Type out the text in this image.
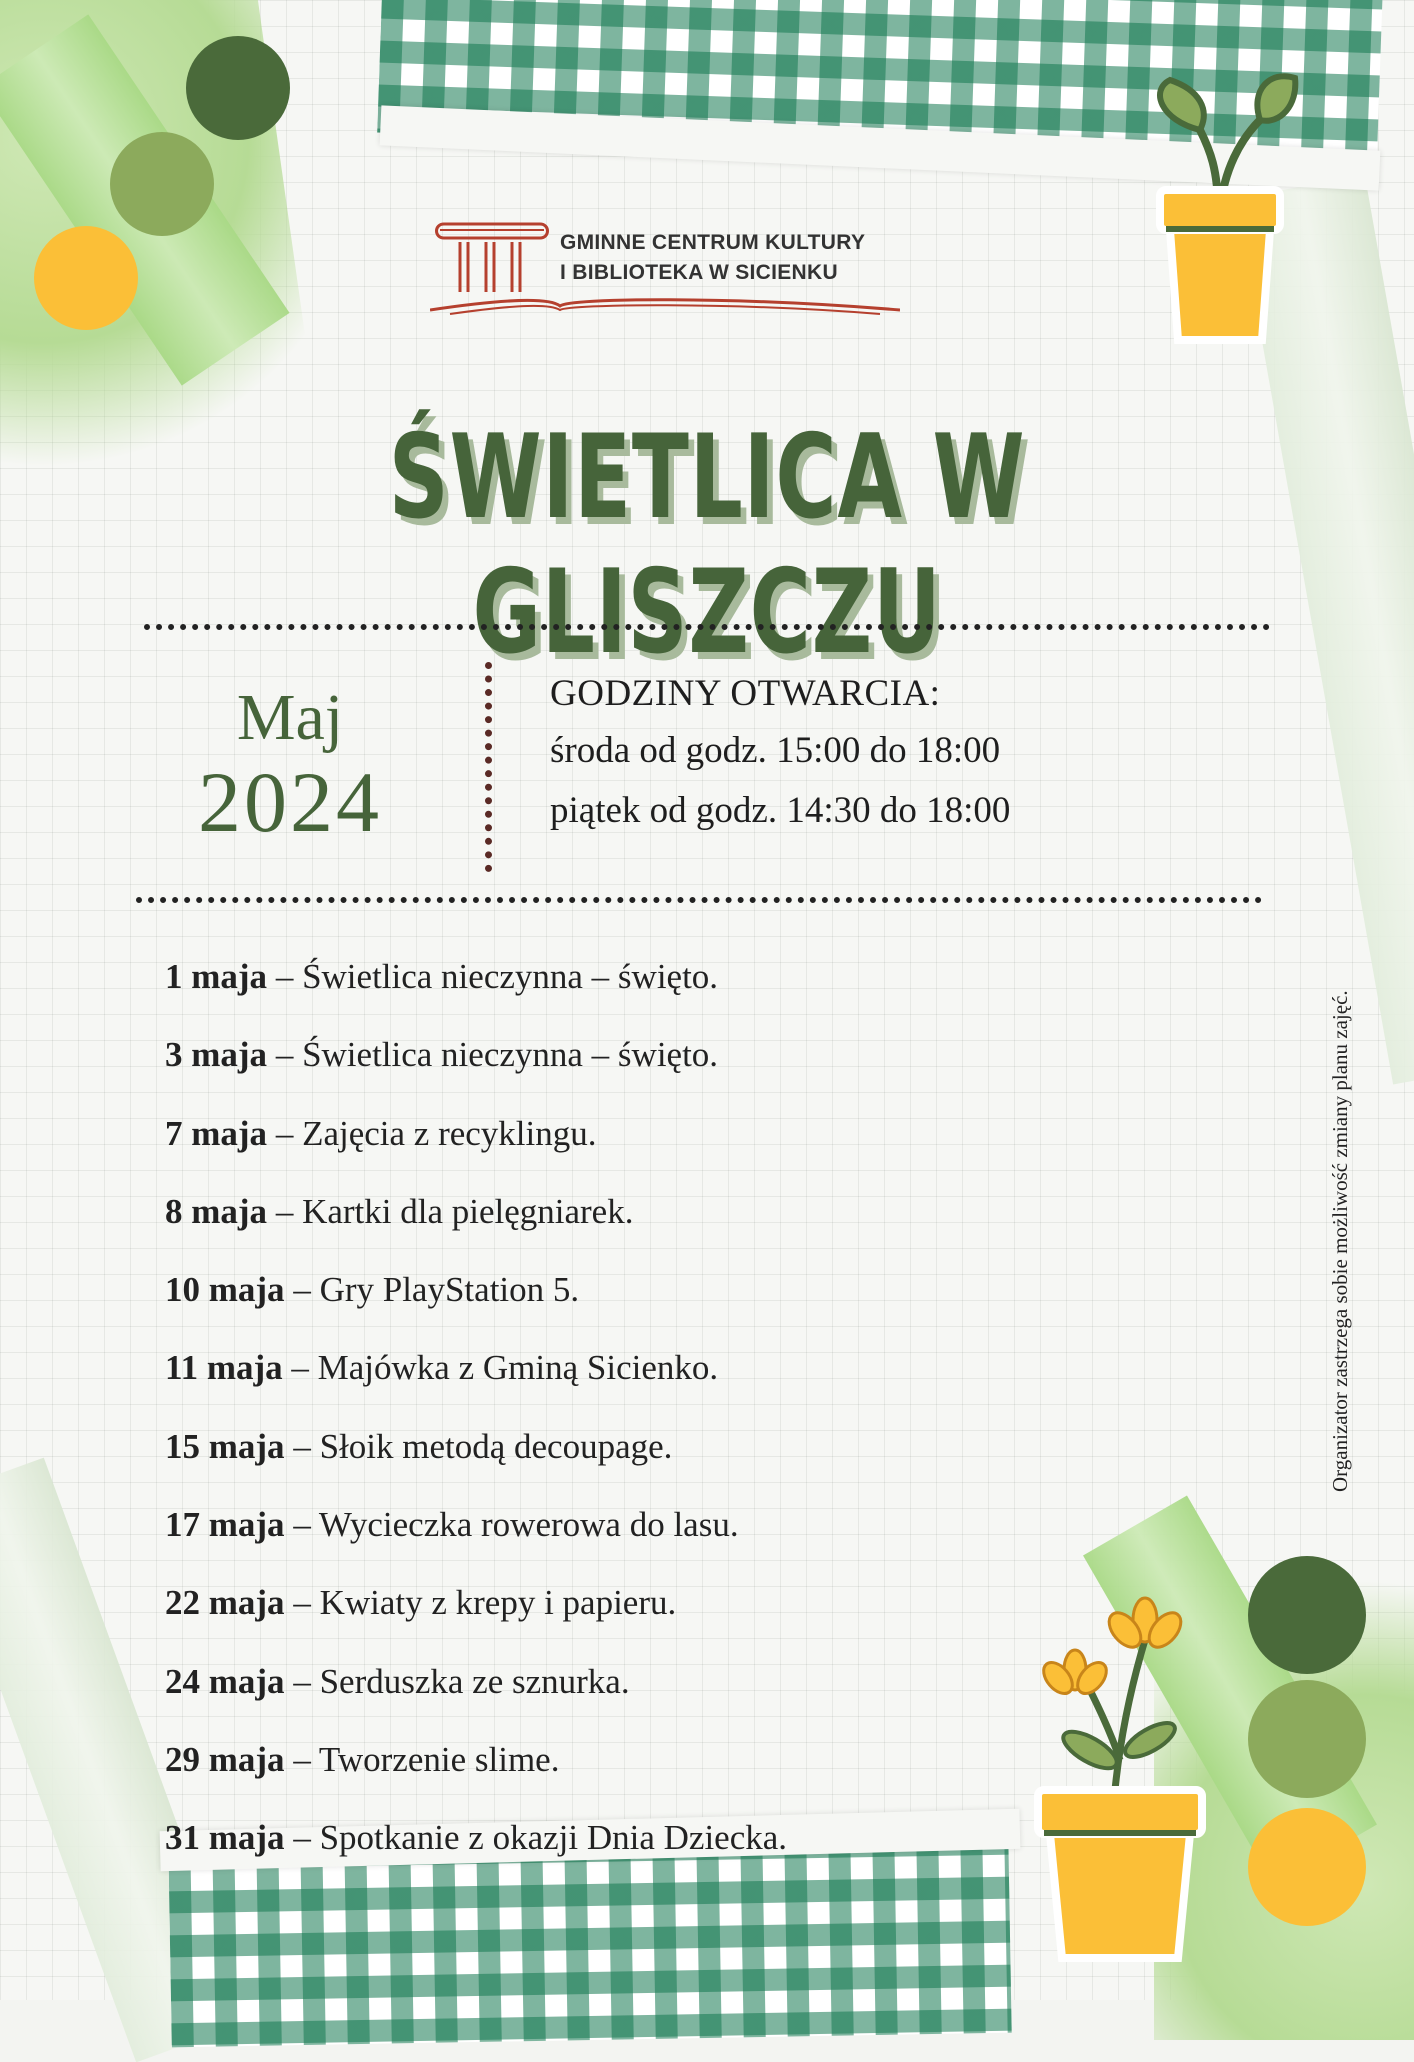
GMINNE CENTRUM KULTURY
I BIBLIOTEKA W SICIENKU
ŚWIETLICA W GLISZCZU
Maj
2024
GODZINY OTWARCIA:
środa od godz. 15:00 do 18:00
piątek od godz. 14:30 do 18:00
1 maja – Świetlica nieczynna – święto.
3 maja – Świetlica nieczynna – święto.
7 maja – Zajęcia z recyklingu.
8 maja – Kartki dla pielęgniarek.
10 maja – Gry PlayStation 5.
11 maja – Majówka z Gminą Sicienko.
15 maja – Słoik metodą decoupage.
17 maja – Wycieczka rowerowa do lasu.
22 maja – Kwiaty z krepy i papieru.
24 maja – Serduszka ze sznurka.
29 maja – Tworzenie slime.
31 maja – Spotkanie z okazji Dnia Dziecka.
Organizator zastrzega sobie możliwość zmiany planu zajęć.
